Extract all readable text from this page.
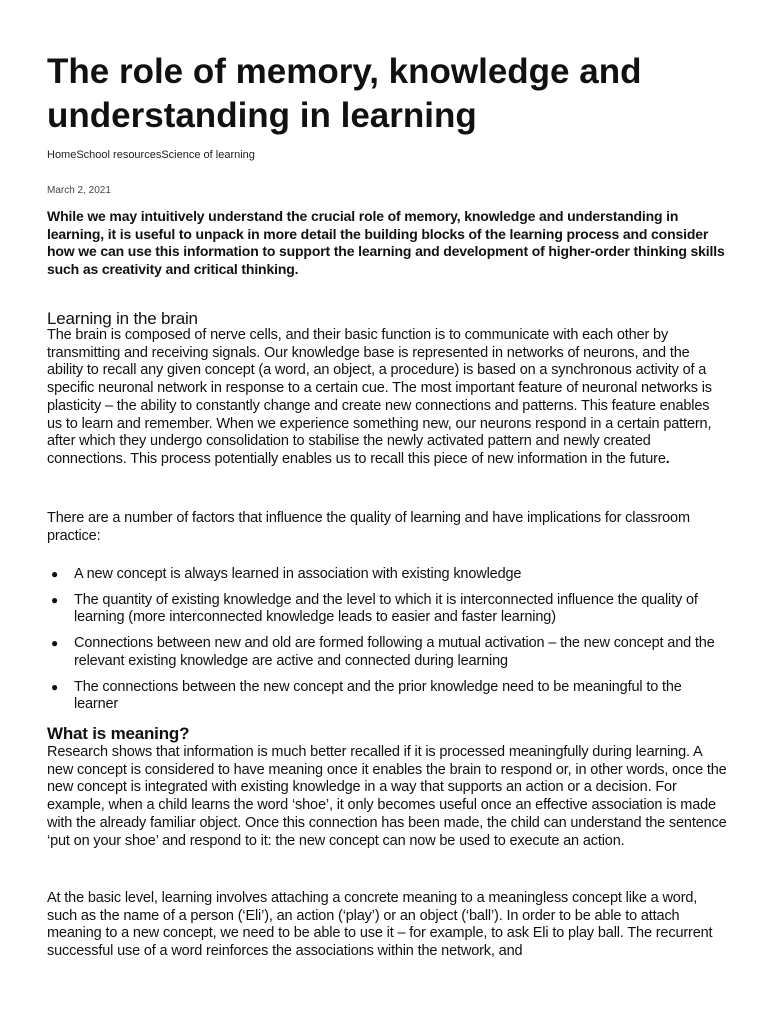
The role of memory, knowledge and understanding in learning
HomeSchool resourcesScience of learning
March 2, 2021

While we may intuitively understand the crucial role of memory, knowledge and understanding in learning, it is useful to unpack in more detail the building blocks of the learning process and consider how we can use this information to support the learning and development of higher-order thinking skills such as creativity and critical thinking.

Learning in the brain

The brain is composed of nerve cells, and their basic function is to communicate with each other by transmitting and receiving signals. Our knowledge base is represented in networks of neurons, and the ability to recall any given concept (a word, an object, a procedure) is based on a synchronous activity of a specific neuronal network in response to a certain cue. The most important feature of neuronal networks is plasticity – the ability to constantly change and create new connections and patterns. This feature enables us to learn and remember. When we experience something new, our neurons respond in a certain pattern, after which they undergo consolidation to stabilise the newly activated pattern and newly created connections. This process potentially enables us to recall this piece of new information in the future.

There are a number of factors that influence the quality of learning and have implications for classroom practice:

● A new concept is always learned in association with existing knowledge
● The quantity of existing knowledge and the level to which it is interconnected influence the quality of learning (more interconnected knowledge leads to easier and faster learning)
● Connections between new and old are formed following a mutual activation – the new concept and the relevant existing knowledge are active and connected during learning
● The connections between the new concept and the prior knowledge need to be meaningful to the learner
What is meaning?

Research shows that information is much better recalled if it is processed meaningfully during learning. A new concept is considered to have meaning once it enables the brain to respond or, in other words, once the new concept is integrated with existing knowledge in a way that supports an action or a decision. For example, when a child learns the word ‘shoe’, it only becomes useful once an effective association is made with the already familiar object. Once this connection has been made, the child can understand the sentence ‘put on your shoe’ and respond to it: the new concept can now be used to execute an action.

At the basic level, learning involves attaching a concrete meaning to a meaningless concept like a word, such as the name of a person (‘Eli’), an action (‘play’) or an object (‘ball’). In order to be able to attach meaning to a new concept, we need to be able to use it – for example, to ask Eli to play ball. The recurrent successful use of a word reinforces the associations within the network, and
